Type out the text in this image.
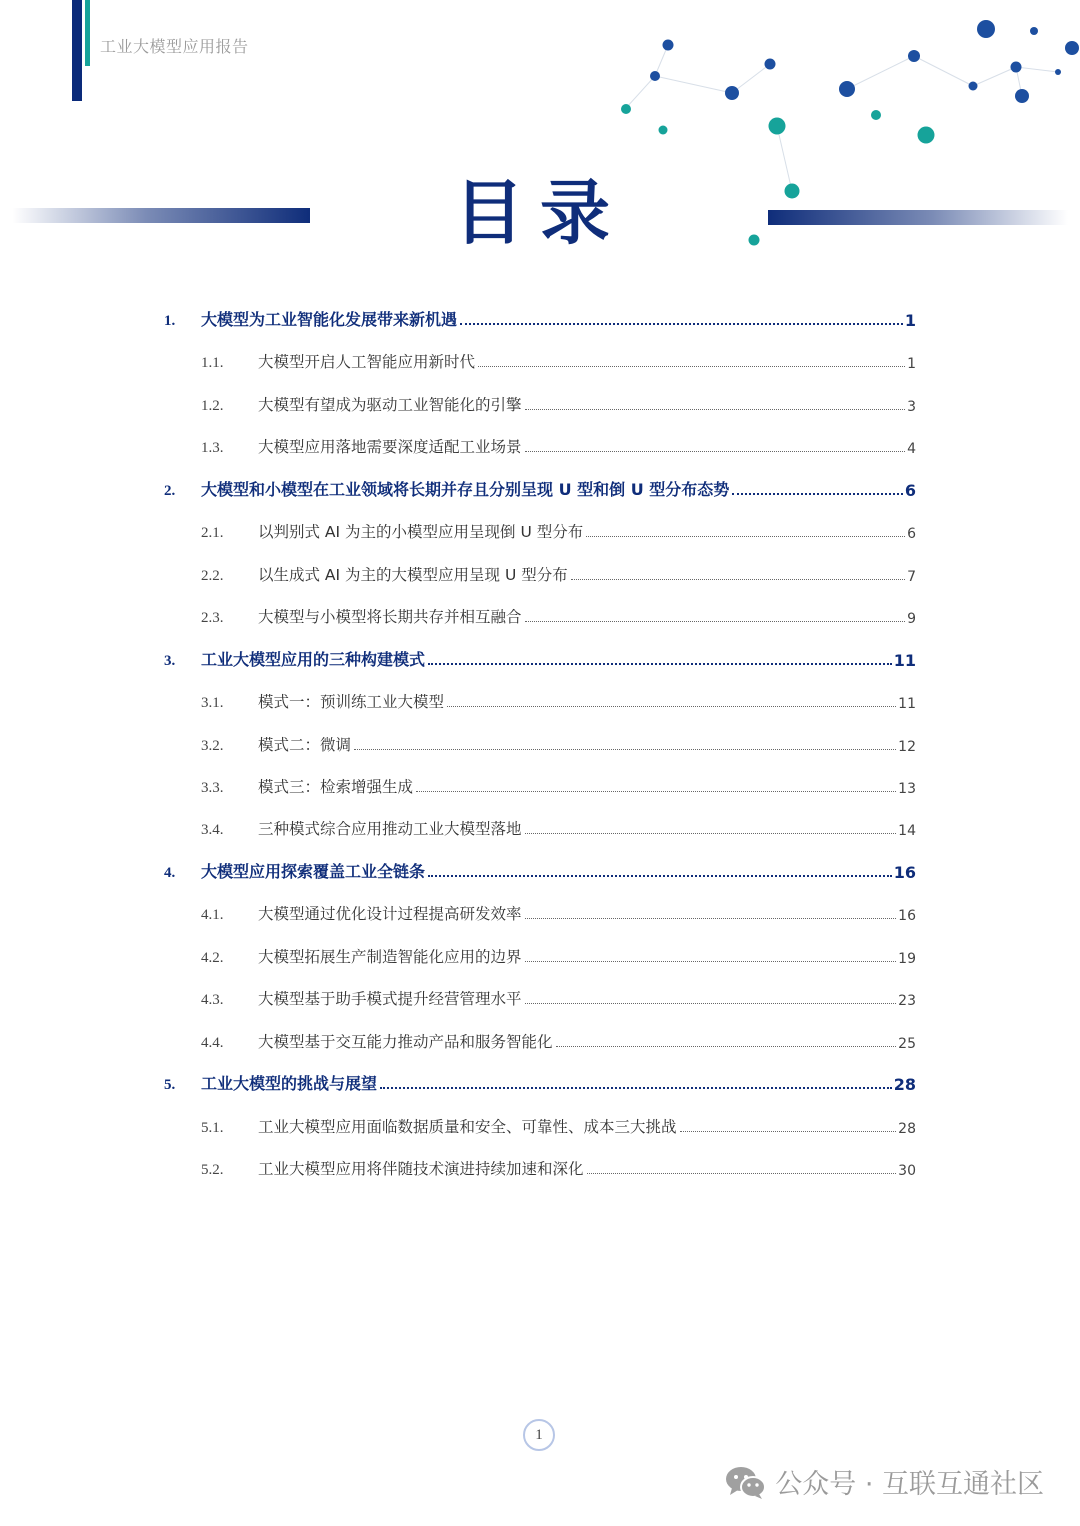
工业大模型应用报告
目录
1.	大模型为工业智能化发展带来新机遇	1
1.1.	大模型开启人工智能应用新时代	1
1.2.	大模型有望成为驱动工业智能化的引擎	3
1.3.	大模型应用落地需要深度适配工业场景	4
2.	大模型和小模型在工业领域将长期并存且分别呈现 U 型和倒 U 型分布态势	6
2.1.	以判别式 AI 为主的小模型应用呈现倒 U 型分布	6
2.2.	以生成式 AI 为主的大模型应用呈现 U 型分布	7
2.3.	大模型与小模型将长期共存并相互融合	9
3.	工业大模型应用的三种构建模式	11
3.1.	模式一：预训练工业大模型	11
3.2.	模式二：微调	12
3.3.	模式三：检索增强生成	13
3.4.	三种模式综合应用推动工业大模型落地	14
4.	大模型应用探索覆盖工业全链条	16
4.1.	大模型通过优化设计过程提高研发效率	16
4.2.	大模型拓展生产制造智能化应用的边界	19
4.3.	大模型基于助手模式提升经营管理水平	23
4.4.	大模型基于交互能力推动产品和服务智能化	25
5.	工业大模型的挑战与展望	28
5.1.	工业大模型应用面临数据质量和安全、可靠性、成本三大挑战	28
5.2.	工业大模型应用将伴随技术演进持续加速和深化	30
1
公众号 · 互联互通社区
